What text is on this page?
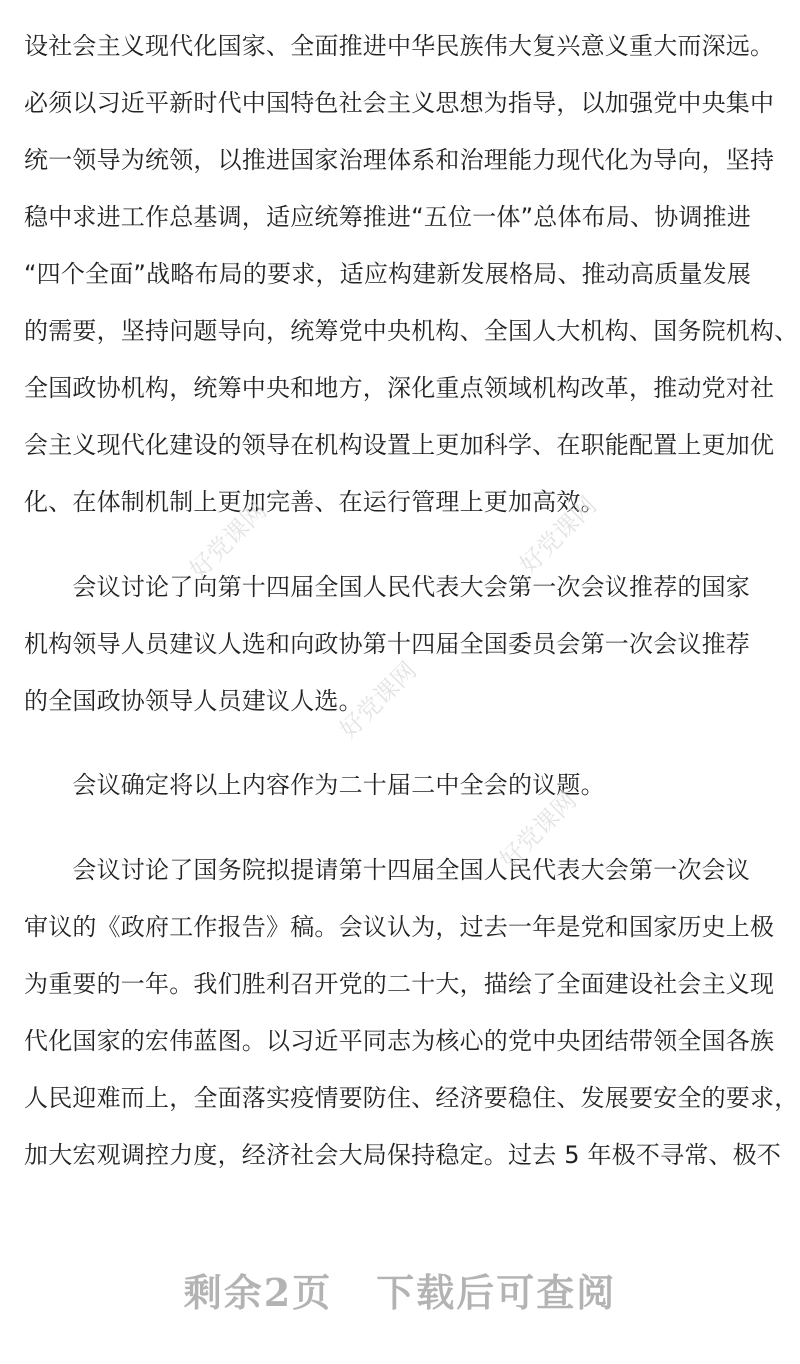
设社会主义现代化国家、全面推进中华民族伟大复兴意义重大而深远。
必须以习近平新时代中国特色社会主义思想为指导，以加强党中央集中
统一领导为统领，以推进国家治理体系和治理能力现代化为导向，坚持
稳中求进工作总基调，适应统筹推进“五位一体”总体布局、协调推进
“四个全面”战略布局的要求，适应构建新发展格局、推动高质量发展
的需要，坚持问题导向，统筹党中央机构、全国人大机构、国务院机构、
全国政协机构，统筹中央和地方，深化重点领域机构改革，推动党对社
会主义现代化建设的领导在机构设置上更加科学、在职能配置上更加优
化、在体制机制上更加完善、在运行管理上更加高效。
　　会议讨论了向第十四届全国人民代表大会第一次会议推荐的国家
机构领导人员建议人选和向政协第十四届全国委员会第一次会议推荐
的全国政协领导人员建议人选。
　　会议确定将以上内容作为二十届二中全会的议题。
　　会议讨论了国务院拟提请第十四届全国人民代表大会第一次会议
审议的《政府工作报告》稿。会议认为，过去一年是党和国家历史上极
为重要的一年。我们胜利召开党的二十大，描绘了全面建设社会主义现
代化国家的宏伟蓝图。以习近平同志为核心的党中央团结带领全国各族
人民迎难而上，全面落实疫情要防住、经济要稳住、发展要安全的要求，
加大宏观调控力度，经济社会大局保持稳定。过去 5 年极不寻常、极不
好党课网	好党课网
好党课网
好党课网
剩余2页 下载后可查阅
